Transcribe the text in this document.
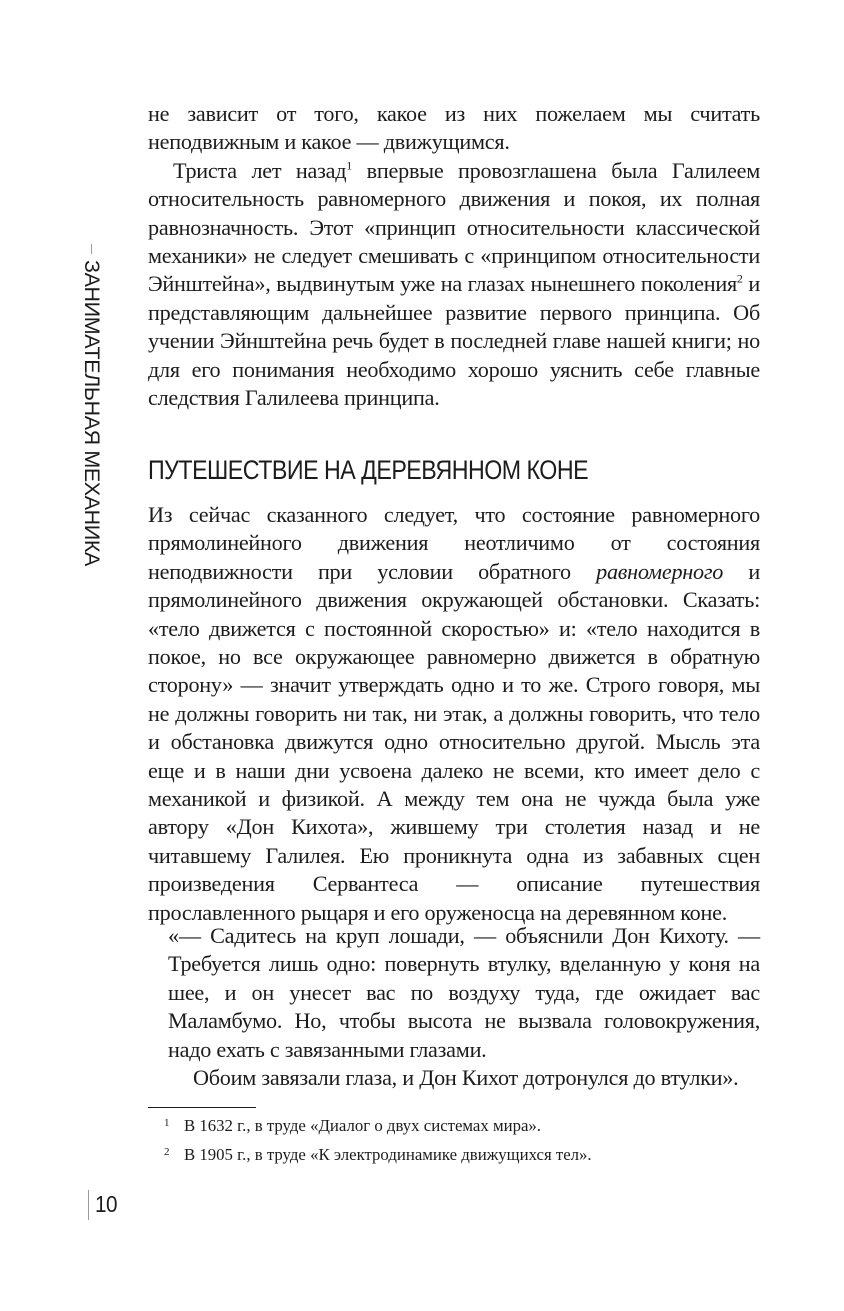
ЗАНИМАТЕЛЬНАЯ МЕХАНИКА

не зависит от того, какое из них пожелаем мы считать неподвижным и какое — движущимся.

Триста лет назад$^1$ впервые провозглашена была Галилеем относительность равномерного движения и покоя, их полная равнозначность. Этот «принцип относительности классической механики» не следует смешивать с «принципом относительности Эйнштейна», выдвинутым уже на глазах нынешнего поколения$^2$ и представляющим дальнейшее развитие первого принципа. Об учении Эйнштейна речь будет в последней главе нашей книги; но для его понимания необходимо хорошо уяснить себе главные следствия Галилеева принципа.

ПУТЕШЕСТВИЕ НА ДЕРЕВЯННОМ КОНЕ

Из сейчас сказанного следует, что состояние равномерного прямолинейного движения неотличимо от состояния неподвижности при условии обратного равномерного и прямолинейного движения окружающей обстановки. Сказать: «тело движется с постоянной скоростью» и: «тело находится в покое, но все окружающее равномерно движется в обратную сторону» — значит утверждать одно и то же. Строго говоря, мы не должны говорить ни так, ни этак, а должны говорить, что тело и обстановка движутся одно относительно другой. Мысль эта еще и в наши дни усвоена далеко не всеми, кто имеет дело с механикой и физикой. А между тем она не чужда была уже автору «Дон Кихота», жившему три столетия назад и не читавшему Галилея. Ею проникнута одна из забавных сцен произведения Сервантеса — описание путешествия прославленного рыцаря и его оруженосца на деревянном коне.

«— Садитесь на круп лошади, — объяснили Дон Кихоту. — Требуется лишь одно: повернуть втулку, вделанную у коня на шее, и он унесет вас по воздуху туда, где ожидает вас Маламбумо. Но, чтобы высота не вызвала головокружения, надо ехать с завязанными глазами.

Обоим завязали глаза, и Дон Кихот дотронулся до втулки».

1 В 1632 г., в труде «Диалог о двух системах мира».

2 В 1905 г., в труде «К электродинамике движущихся тел».

10
